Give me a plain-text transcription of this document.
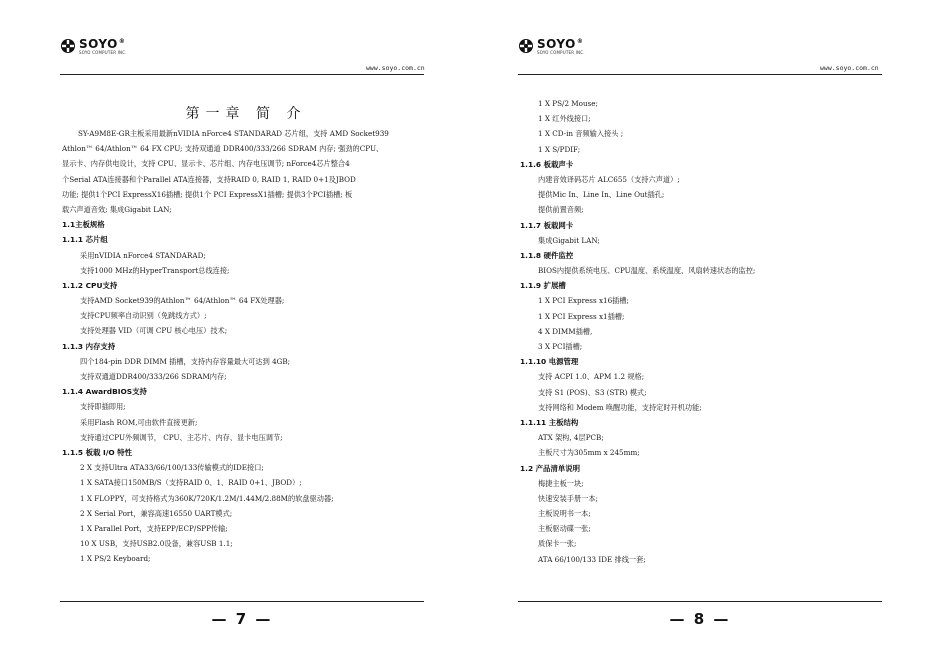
SOYO®
SOYO COMPUTER INC.
www.soyo.com.cn
第一章 简 介
SY-A9M8E-GR主板采用最新nVIDIA nForce4 STANDARAD 芯片组，支持 AMD Socket939
Athlon™ 64/Athlon™ 64 FX CPU; 支持双通道 DDR400/333/266 SDRAM 内存; 强劲的CPU、
显示卡、内存供电设计，支持 CPU、显示卡、芯片组、内存电压调节; nForce4芯片整合4
个Serial ATA连接器和个Parallel ATA连接器，支持RAID 0, RAID 1, RAID 0+1及JBOD
功能; 提供1个PCI ExpressX16插槽; 提供1个 PCI ExpressX1插槽; 提供3个PCI插槽; 板
载六声道音效; 集成Gigabit LAN;
1.1主板规格
1.1.1 芯片组
采用nVIDIA nForce4 STANDARAD;
支持1000 MHz的HyperTransport总线连接;
1.1.2 CPU支持
支持AMD Socket939的Athlon™ 64/Athlon™ 64 FX处理器;
支持CPU频率自动识别（免跳线方式）;
支持处理器 VID（可调 CPU 核心电压）技术;
1.1.3 内存支持
四个184-pin DDR DIMM 插槽，支持内存容量最大可达到 4GB;
支持双通道DDR400/333/266 SDRAM内存;
1.1.4 AwardBIOS支持
支持即插即用;
采用Flash ROM,可由软件直接更新;
支持通过CPU外频调节， CPU、主芯片、内存、显卡电压调节;
1.1.5 板载 I/O 特性
2 X 支持Ultra ATA33/66/100/133传输模式的IDE接口;
1 X SATA接口150MB/S（支持RAID 0、1、RAID 0+1、JBOD）;
1 X FLOPPY，可支持格式为360K/720K/1.2M/1.44M/2.88M的软盘驱动器;
2 X Serial Port，兼容高速16550 UART模式;
1 X Parallel Port，支持EPP/ECP/SPP传输;
10 X USB，支持USB2.0设备，兼容USB 1.1;
1 X PS/2 Keyboard;
— 7 —
SOYO®
SOYO COMPUTER INC.
www.soyo.com.cn
1 X PS/2 Mouse;
1 X 红外线接口;
1 X CD-in 音频输入接头 ;
1 X S/PDIF;
1.1.6 板载声卡
内建音效译码芯片 ALC655（支持六声道）;
提供Mic In、Line In、Line Out插孔;
提供前置音频;
1.1.7 板载网卡
集成Gigabit LAN;
1.1.8 硬件监控
BIOS内提供系统电压、CPU温度、系统温度、风扇转速状态的监控;
1.1.9 扩展槽
1 X PCI Express x16插槽;
1 X PCI Express x1插槽;
4 X DIMM插槽,
3 X PCI插槽;
1.1.10 电源管理
支持 ACPI 1.0、APM 1.2 规格;
支持 S1 (POS)、S3 (STR) 模式;
支持网络和 Modem 唤醒功能，支持定时开机功能;
1.1.11 主板结构
ATX 架构, 4层PCB;
主板尺寸为305mm x 245mm;
1.2 产品清单说明
梅捷主板一块;
快速安装手册一本;
主板说明书一本;
主板驱动碟一张;
质保卡一张;
ATA 66/100/133 IDE 排线一套;
— 8 —
